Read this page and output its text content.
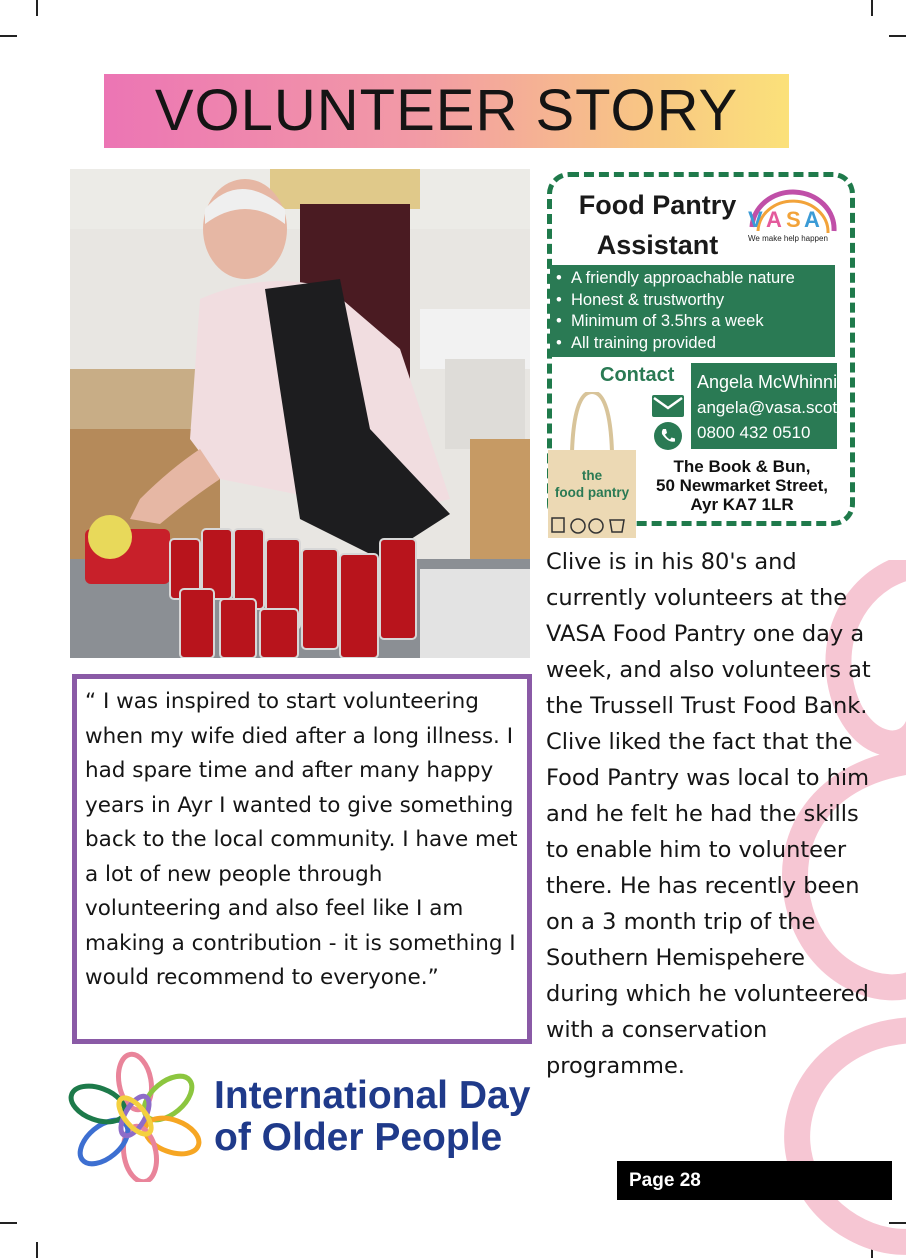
VOLUNTEER STORY
Food Pantry Assistant
V A S A
We make help happen
• A friendly approachable nature
• Honest & trustworthy
• Minimum of 3.5hrs a week
• All training provided
Contact Angela McWhinnie
angela@vasa.scot
0800 432 0510
the
food pantry
The Book & Bun,
50 Newmarket Street,
Ayr KA7 1LR
Clive is in his 80's and currently volunteers at the VASA Food Pantry one day a week, and also volunteers at the Trussell Trust Food Bank. Clive liked the fact that the Food Pantry was local to him and he felt he had the skills to enable him to volunteer there. He has recently been on a 3 month trip of the Southern Hemispehere during which he volunteered with a conservation programme.
“ I was inspired to start volunteering when my wife died after a long illness. I had spare time and after many happy years in Ayr I wanted to give something back to the local community. I have met a lot of new people through volunteering and also feel like I am making a contribution - it is something I would recommend to everyone.”
International Day
of Older People
Page 28
